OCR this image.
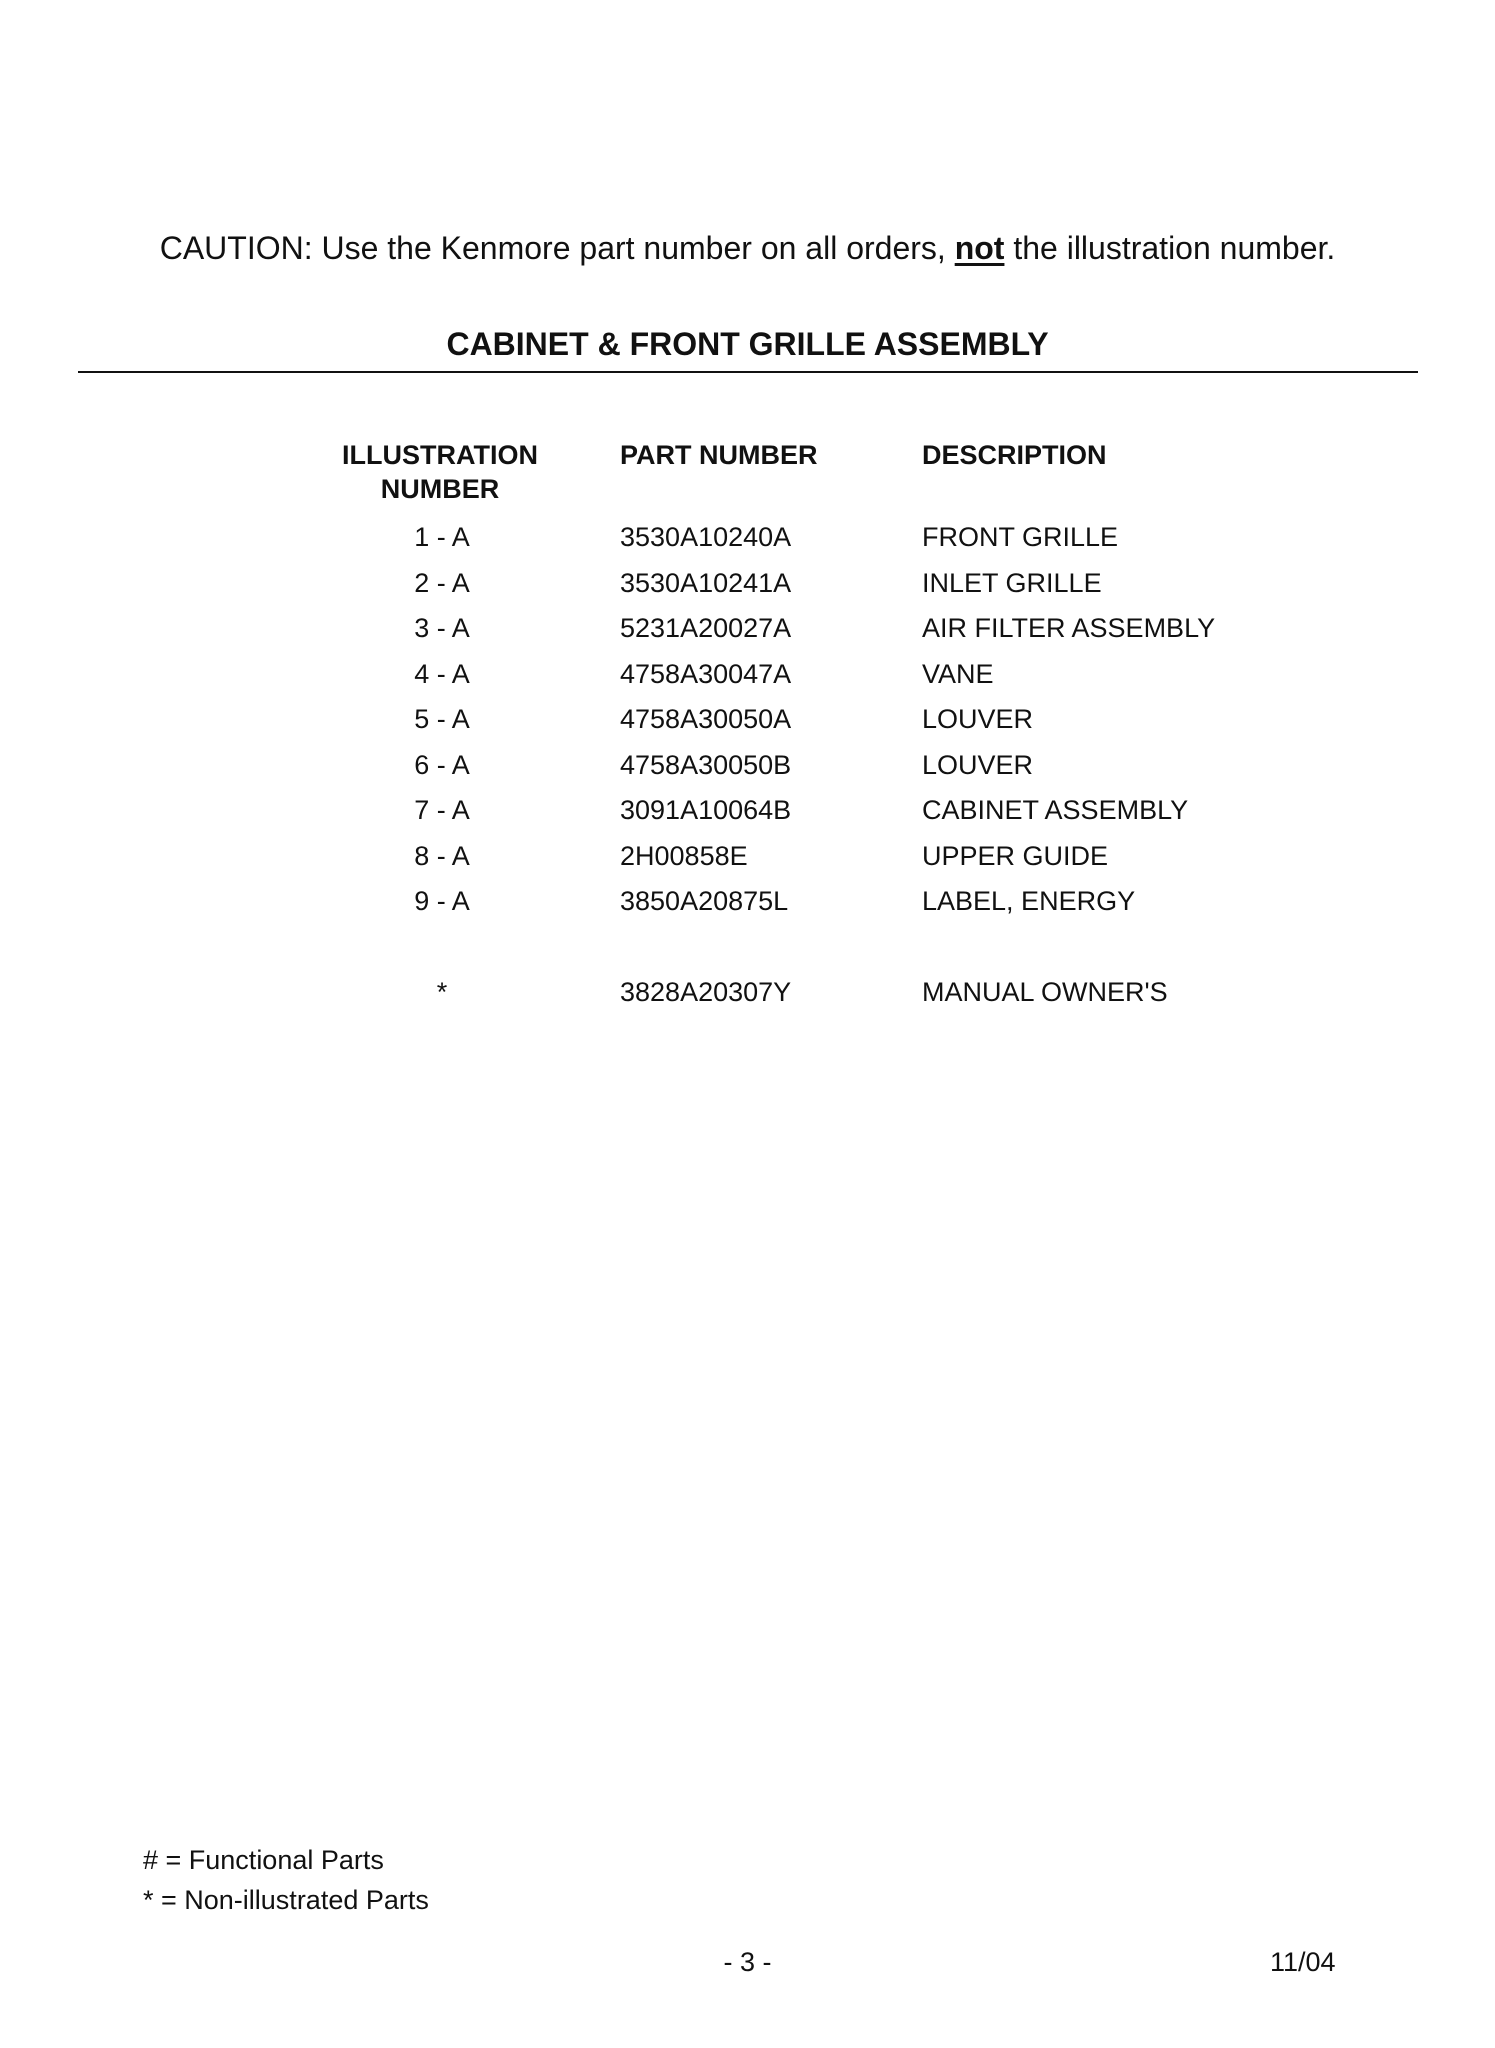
CAUTION: Use the Kenmore part number on all orders, not the illustration number.
CABINET & FRONT GRILLE ASSEMBLY
ILLUSTRATION
NUMBER
PART NUMBER	DESCRIPTION
1 - A	3530A10240A	FRONT GRILLE
2 - A	3530A10241A	INLET GRILLE
3 - A	5231A20027A	AIR FILTER ASSEMBLY
4 - A	4758A30047A	VANE
5 - A	4758A30050A	LOUVER
6 - A	4758A30050B	LOUVER
7 - A	3091A10064B	CABINET ASSEMBLY
8 - A	2H00858E	UPPER GUIDE
9 - A	3850A20875L	LABEL, ENERGY
*	3828A20307Y	MANUAL OWNER'S
# = Functional Parts
* = Non-illustrated Parts
- 3 -	11/04
